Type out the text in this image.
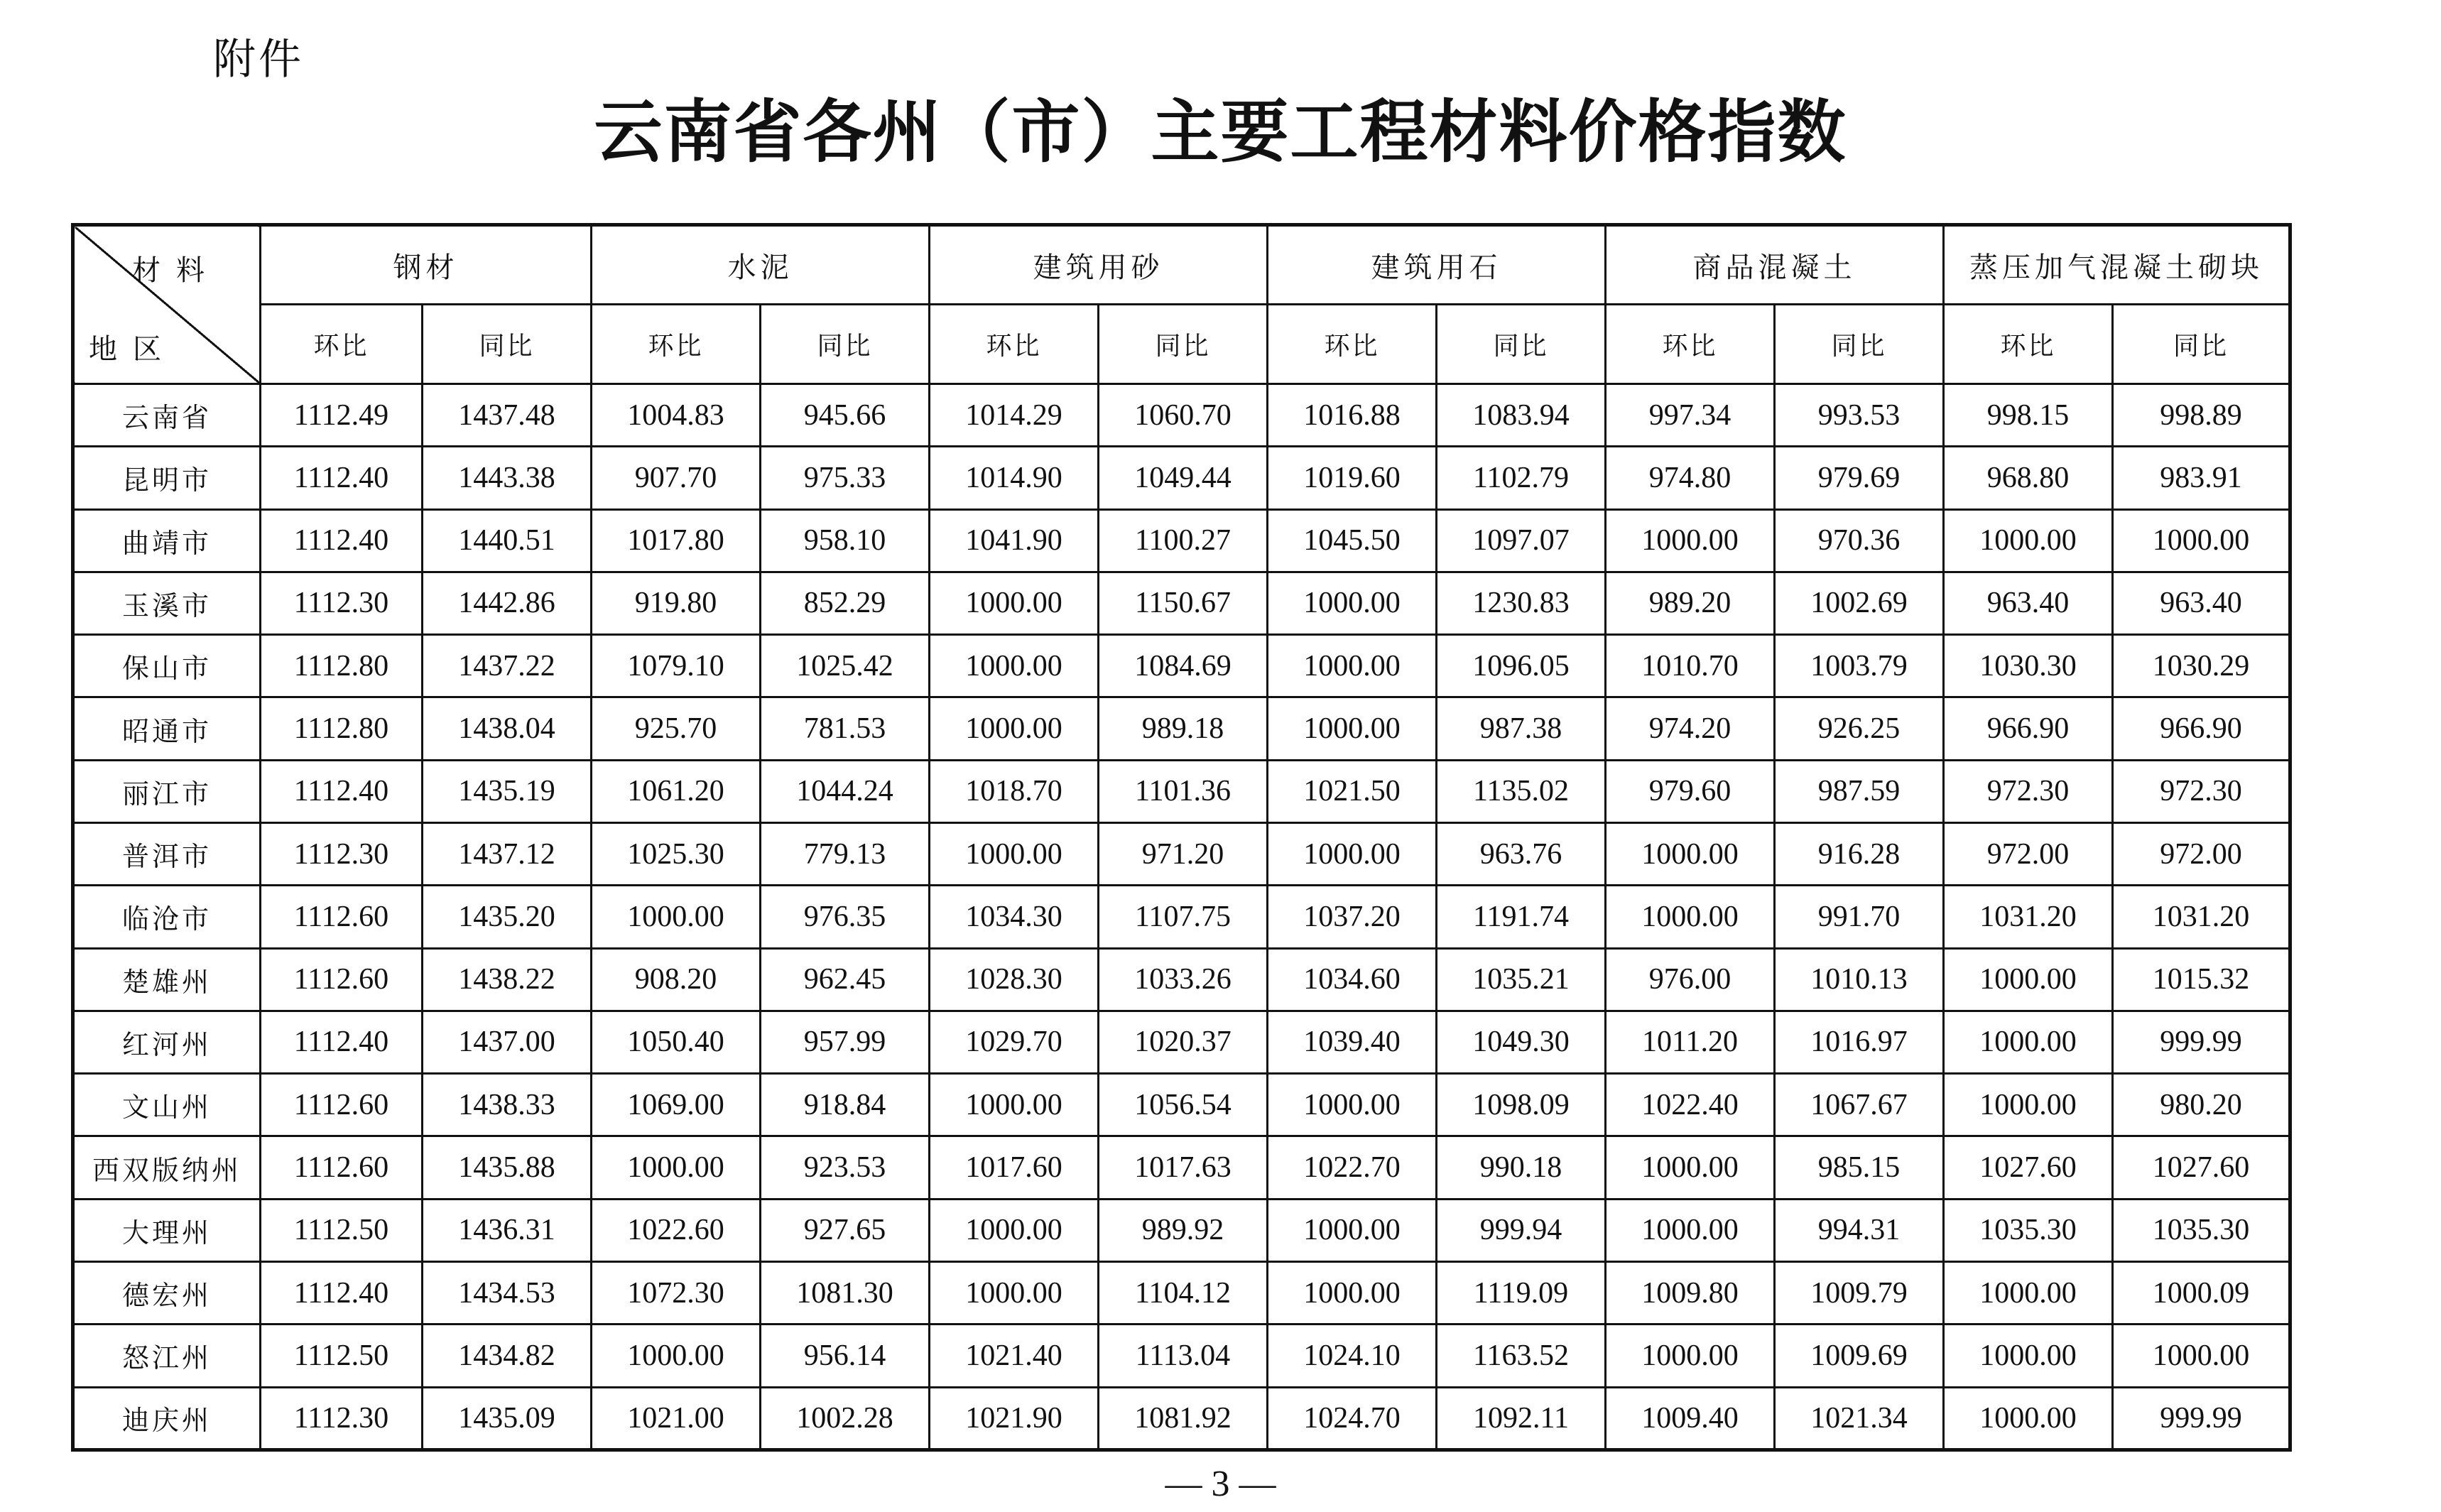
附件
云南省各州（市）主要工程材料价格指数
材料
地区	钢材		水泥		建筑用砂		建筑用石		商品混凝土		蒸压加气混凝土砌块	
	环比	同比	环比	同比	环比	同比	环比	同比	环比	同比	环比	同比
云南省	1112.49	1437.48	1004.83	945.66	1014.29	1060.70	1016.88	1083.94	997.34	993.53	998.15	998.89
昆明市	1112.40	1443.38	907.70	975.33	1014.90	1049.44	1019.60	1102.79	974.80	979.69	968.80	983.91
曲靖市	1112.40	1440.51	1017.80	958.10	1041.90	1100.27	1045.50	1097.07	1000.00	970.36	1000.00	1000.00
玉溪市	1112.30	1442.86	919.80	852.29	1000.00	1150.67	1000.00	1230.83	989.20	1002.69	963.40	963.40
保山市	1112.80	1437.22	1079.10	1025.42	1000.00	1084.69	1000.00	1096.05	1010.70	1003.79	1030.30	1030.29
昭通市	1112.80	1438.04	925.70	781.53	1000.00	989.18	1000.00	987.38	974.20	926.25	966.90	966.90
丽江市	1112.40	1435.19	1061.20	1044.24	1018.70	1101.36	1021.50	1135.02	979.60	987.59	972.30	972.30
普洱市	1112.30	1437.12	1025.30	779.13	1000.00	971.20	1000.00	963.76	1000.00	916.28	972.00	972.00
临沧市	1112.60	1435.20	1000.00	976.35	1034.30	1107.75	1037.20	1191.74	1000.00	991.70	1031.20	1031.20
楚雄州	1112.60	1438.22	908.20	962.45	1028.30	1033.26	1034.60	1035.21	976.00	1010.13	1000.00	1015.32
红河州	1112.40	1437.00	1050.40	957.99	1029.70	1020.37	1039.40	1049.30	1011.20	1016.97	1000.00	999.99
文山州	1112.60	1438.33	1069.00	918.84	1000.00	1056.54	1000.00	1098.09	1022.40	1067.67	1000.00	980.20
西双版纳州	1112.60	1435.88	1000.00	923.53	1017.60	1017.63	1022.70	990.18	1000.00	985.15	1027.60	1027.60
大理州	1112.50	1436.31	1022.60	927.65	1000.00	989.92	1000.00	999.94	1000.00	994.31	1035.30	1035.30
德宏州	1112.40	1434.53	1072.30	1081.30	1000.00	1104.12	1000.00	1119.09	1009.80	1009.79	1000.00	1000.09
怒江州	1112.50	1434.82	1000.00	956.14	1021.40	1113.04	1024.10	1163.52	1000.00	1009.69	1000.00	1000.00
迪庆州	1112.30	1435.09	1021.00	1002.28	1021.90	1081.92	1024.70	1092.11	1009.40	1021.34	1000.00	999.99
— 3 —
